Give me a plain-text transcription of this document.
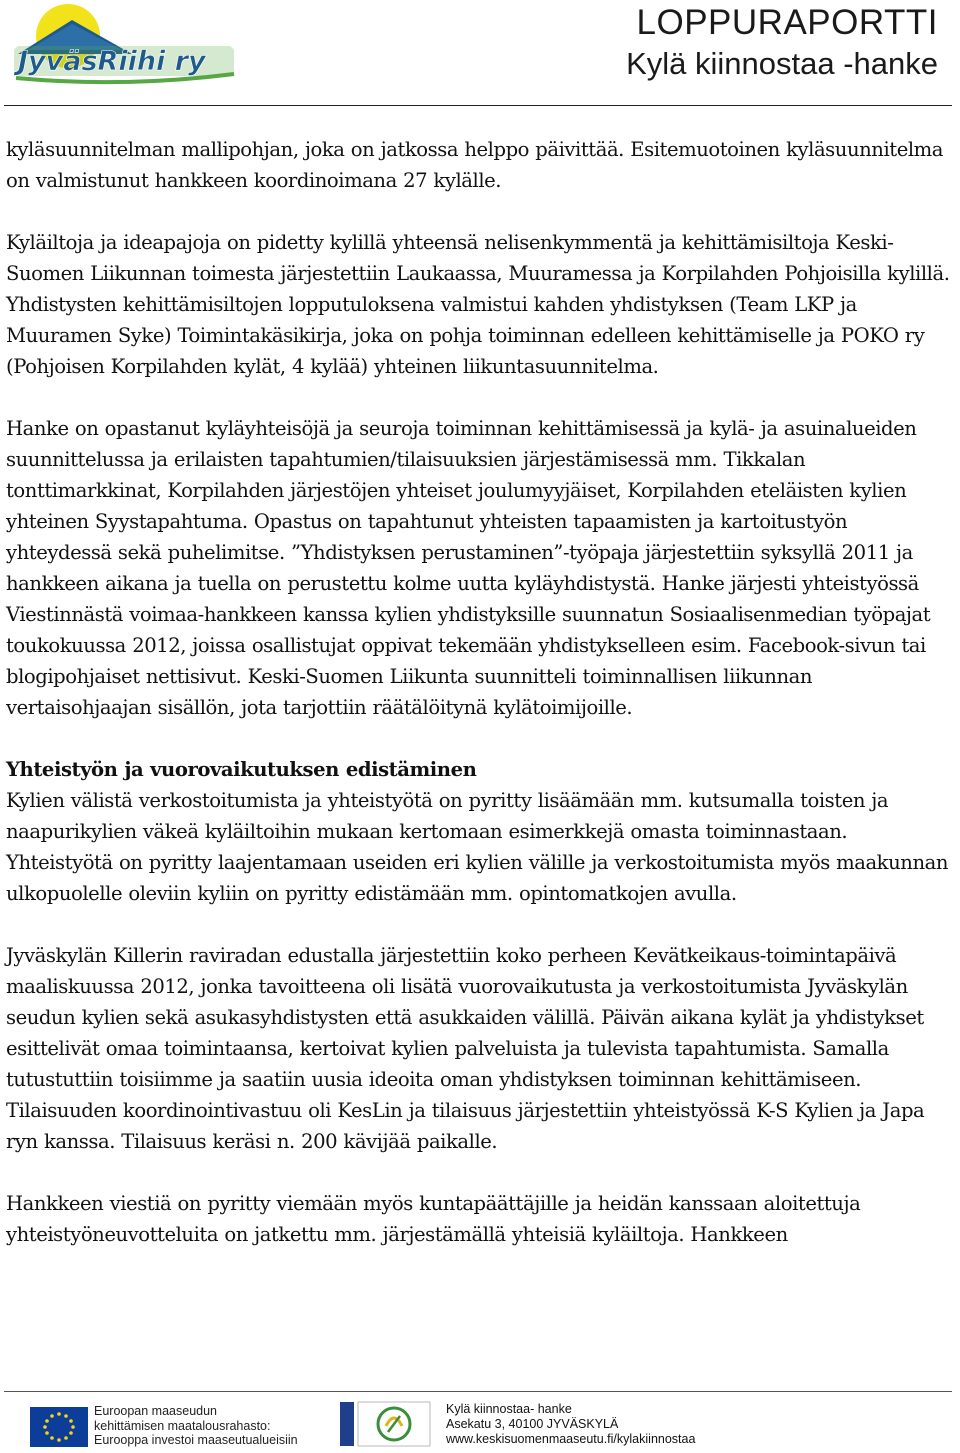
JyväsRiihi ry
LOPPURAPORTTI
Kylä kiinnostaa -hanke

kyläsuunnitelman mallipohjan, joka on jatkossa helppo päivittää. Esitemuotoinen kyläsuunnitelma on valmistunut hankkeen koordinoimana 27 kylälle.

Kyläiltoja ja ideapajoja on pidetty kylillä yhteensä nelisenkymmentä ja kehittämisiltoja Keski-Suomen Liikunnan toimesta järjestettiin Laukaassa, Muuramessa ja Korpilahden Pohjoisilla kylillä. Yhdistysten kehittämisiltojen lopputuloksena valmistui kahden yhdistyksen (Team LKP ja Muuramen Syke) Toimintakäsikirja, joka on pohja toiminnan edelleen kehittämiselle ja POKO ry (Pohjoisen Korpilahden kylät, 4 kylää) yhteinen liikuntasuunnitelma.

Hanke on opastanut kyläyhteisöjä ja seuroja toiminnan kehittämisessä ja kylä- ja asuinalueiden suunnittelussa ja erilaisten tapahtumien/tilaisuuksien järjestämisessä mm. Tikkalan tonttimarkkinat, Korpilahden järjestöjen yhteiset joulumyyjäiset, Korpilahden eteläisten kylien yhteinen Syystapahtuma. Opastus on tapahtunut yhteisten tapaamisten ja kartoitustyön yhteydessä sekä puhelimitse. ”Yhdistyksen perustaminen”-työpaja järjestettiin syksyllä 2011 ja hankkeen aikana ja tuella on perustettu kolme uutta kyläyhdistystä. Hanke järjesti yhteistyössä Viestinnästä voimaa-hankkeen kanssa kylien yhdistyksille suunnatun Sosiaalisenmedian työpajat toukokuussa 2012, joissa osallistujat oppivat tekemään yhdistykselleen esim. Facebook-sivun tai blogipohjaiset nettisivut. Keski-Suomen Liikunta suunnitteli toiminnallisen liikunnan vertaisohjaajan sisällön, jota tarjottiin räätälöitynä kylätoimijoille.

Yhteistyön ja vuorovaikutuksen edistäminen

Kylien välistä verkostoitumista ja yhteistyötä on pyritty lisäämään mm. kutsumalla toisten ja naapurikylien väkeä kyläiltoihin mukaan kertomaan esimerkkejä omasta toiminnastaan. Yhteistyötä on pyritty laajentamaan useiden eri kylien välille ja verkostoitumista myös maakunnan ulkopuolelle oleviin kyliin on pyritty edistämään mm. opintomatkojen avulla.

Jyväskylän Killerin raviradan edustalla järjestettiin koko perheen Kevätkeikaus-toimintapäivä maaliskuussa 2012, jonka tavoitteena oli lisätä vuorovaikutusta ja verkostoitumista Jyväskylän seudun kylien sekä asukasyhdistysten että asukkaiden välillä. Päivän aikana kylät ja yhdistykset esittelivät omaa toimintaansa, kertoivat kylien palveluista ja tulevista tapahtumista. Samalla tutustuttiin toisiimme ja saatiin uusia ideoita oman yhdistyksen toiminnan kehittämiseen. Tilaisuuden koordinointivastuu oli KesLin ja tilaisuus järjestettiin yhteistyössä K-S Kylien ja Japa ryn kanssa. Tilaisuus keräsi n. 200 kävijää paikalle.

Hankkeen viestiä on pyritty viemään myös kuntapäättäjille ja heidän kanssaan aloitettuja yhteistyöneuvotteluita on jatkettu mm. järjestämällä yhteisiä kyläiltoja. Hankkeen

Euroopan maaseudun
kehittämisen maatalousrahasto:
Eurooppa investoi maaseutualueisiin
Kylä kiinnostaa- hanke
Asekatu 3, 40100 JYVÄSKYLÄ
www.keskisuomenmaaseutu.fi/kylakiinnostaa
